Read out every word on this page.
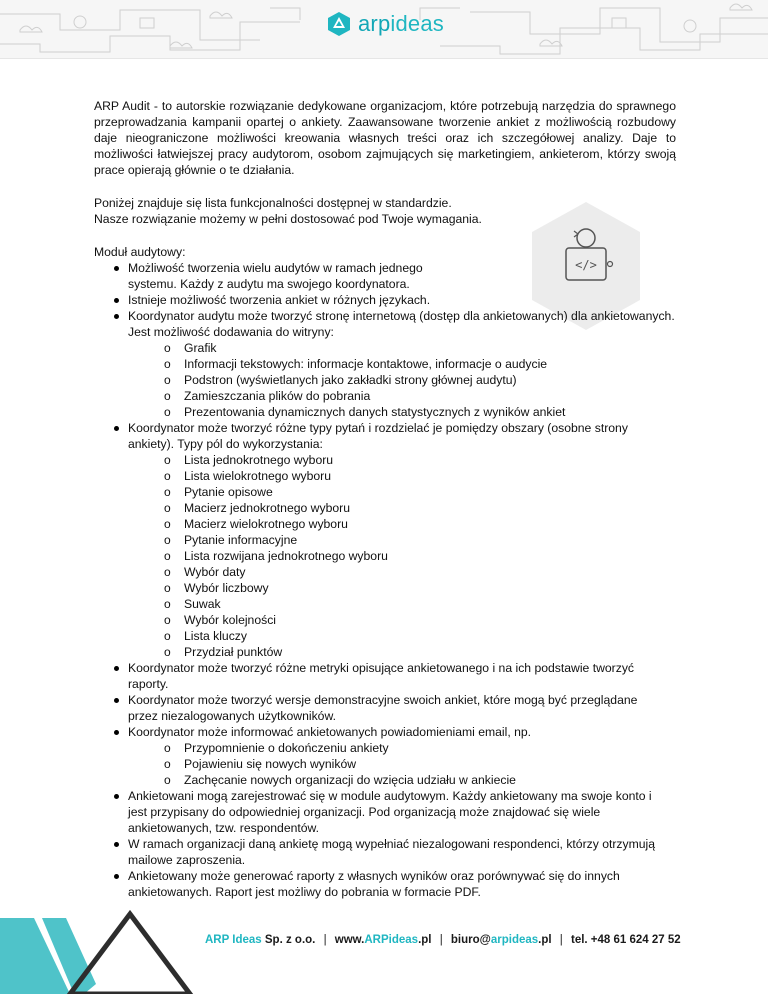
arpideas
</>

ARP Audit - to autorskie rozwiązanie dedykowane organizacjom, które potrzebują narzędzia do sprawnego przeprowadzania kampanii opartej o ankiety. Zaawansowane tworzenie ankiet z możliwością rozbudowy daje nieograniczone możliwości kreowania własnych treści oraz ich szczegółowej analizy. Daje to możliwości łatwiejszej pracy audytorom, osobom zajmujących się marketingiem, ankieterom, którzy swoją prace opierają głównie o te działania.

Poniżej znajduje się lista funkcjonalności dostępnej w standardzie.

Nasze rozwiązanie możemy w pełni dostosować pod Twoje wymagania.

Moduł audytowy:

Możliwość tworzenia wielu audytów w ramach jednego systemu. Każdy z audytu ma swojego koordynatora.
Istnieje możliwość tworzenia ankiet w różnych językach.
Koordynator audytu może tworzyć stronę internetową (dostęp dla ankietowanych) dla ankietowanych. Jest możliwość dodawania do witryny:
o Grafik
o Informacji tekstowych: informacje kontaktowe, informacje o audycie
o Podstron (wyświetlanych jako zakładki strony głównej audytu)
o Zamieszczania plików do pobrania
o Prezentowania dynamicznych danych statystycznych z wyników ankiet
Koordynator może tworzyć różne typy pytań i rozdzielać je pomiędzy obszary (osobne strony ankiety). Typy pól do wykorzystania:
o Lista jednokrotnego wyboru
o Lista wielokrotnego wyboru
o Pytanie opisowe
o Macierz jednokrotnego wyboru
o Macierz wielokrotnego wyboru
o Pytanie informacyjne
o Lista rozwijana jednokrotnego wyboru
o Wybór daty
o Wybór liczbowy
o Suwak
o Wybór kolejności
o Lista kluczy
o Przydział punktów
Koordynator może tworzyć różne metryki opisujące ankietowanego i na ich podstawie tworzyć raporty.
Koordynator może tworzyć wersje demonstracyjne swoich ankiet, które mogą być przeglądane przez niezalogowanych użytkowników.
Koordynator może informować ankietowanych powiadomieniami email, np.
o Przypomnienie o dokończeniu ankiety
o Pojawieniu się nowych wyników
o Zachęcanie nowych organizacji do wzięcia udziału w ankiecie
Ankietowani mogą zarejestrować się w module audytowym. Każdy ankietowany ma swoje konto i jest przypisany do odpowiedniej organizacji. Pod organizacją może znajdować się wiele ankietowanych, tzw. respondentów.
W ramach organizacji daną ankietę mogą wypełniać niezalogowani respondenci, którzy otrzymują mailowe zaproszenia.
Ankietowany może generować raporty z własnych wyników oraz porównywać się do innych ankietowanych. Raport jest możliwy do pobrania w formacie PDF.
ARP Ideas Sp. z o.o. | www.ARPideas.pl | biuro@arpideas.pl | tel. +48 61 624 27 52
